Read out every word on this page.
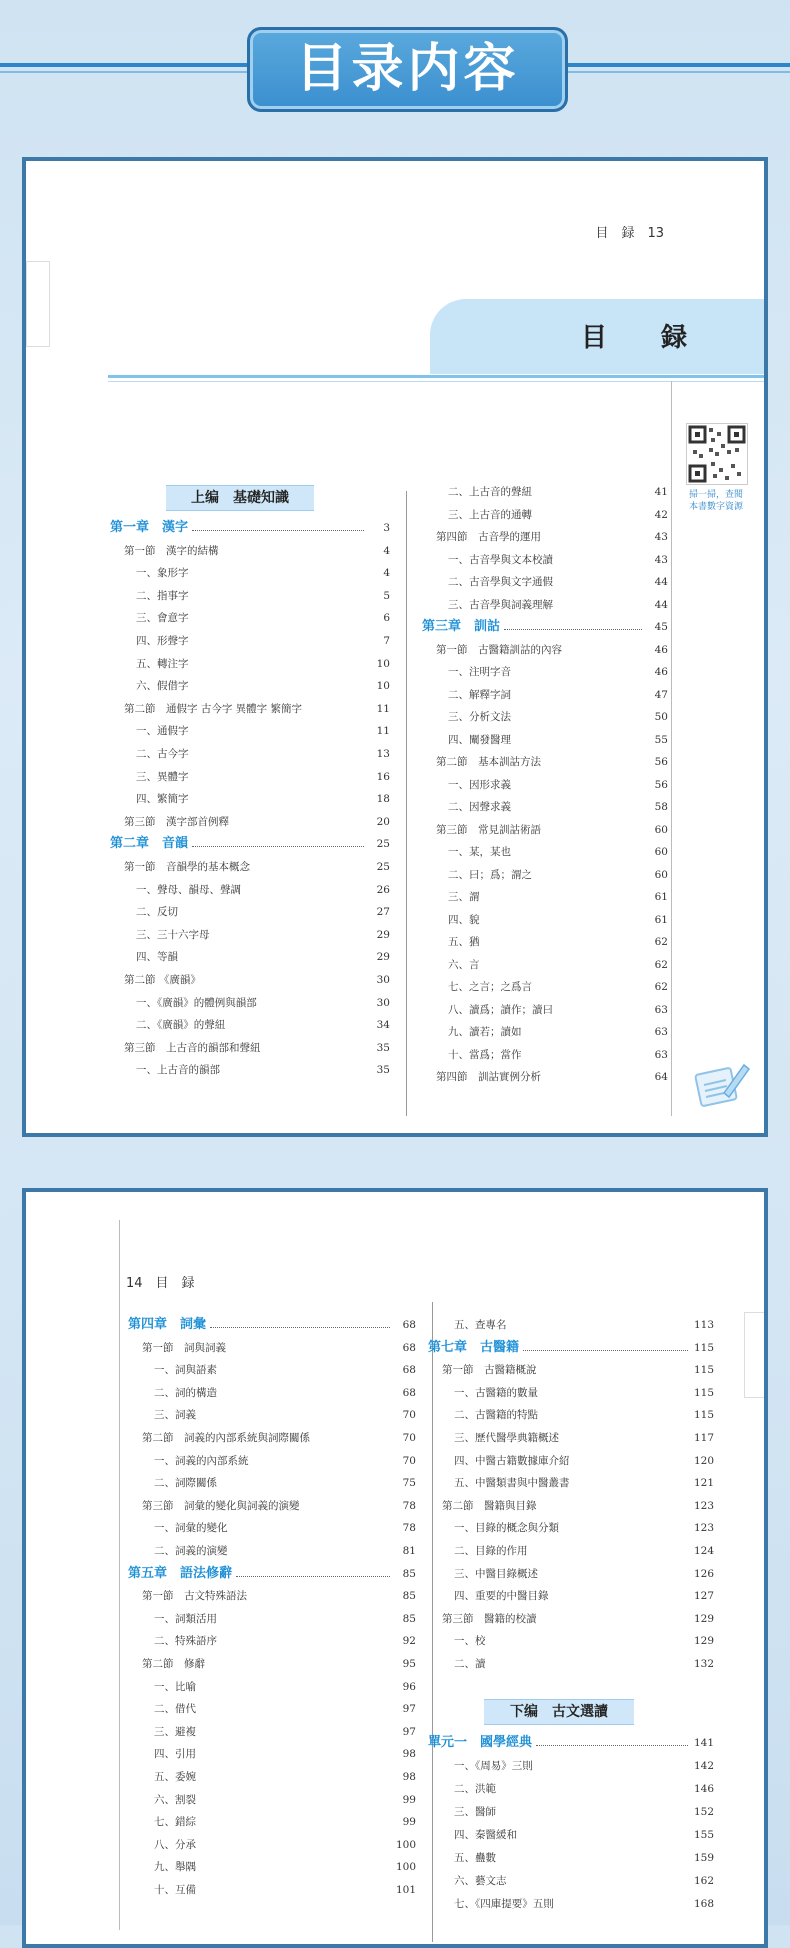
目录内容
目　録　13
目　録
掃一掃，查閱
本書數字資源
上编　基礎知識
第一章　漢字	3
第一節　漢字的結構	4
一、象形字	4
二、指事字	5
三、會意字	6
四、形聲字	7
五、轉注字	10
六、假借字	10
第二節　通假字 古今字 異體字 繁簡字	11
一、通假字	11
二、古今字	13
三、異體字	16
四、繁簡字	18
第三節　漢字部首例釋	20
第二章　音韻	25
第一節　音韻學的基本概念	25
一、聲母、韻母、聲調	26
二、反切	27
三、三十六字母	29
四、等韻	29
第二節 《廣韻》	30
一、《廣韻》的體例與韻部	30
二、《廣韻》的聲紐	34
第三節　上古音的韻部和聲紐	35
一、上古音的韻部	35
二、上古音的聲紐	41
三、上古音的通轉	42
第四節　古音學的運用	43
一、古音學與文本校讀	43
二、古音學與文字通假	44
三、古音學與詞義理解	44
第三章　訓詁	45
第一節　古醫籍訓詁的內容	46
一、注明字音	46
二、解釋字詞	47
三、分析文法	50
四、闡發醫理	55
第二節　基本訓詁方法	56
一、因形求義	56
二、因聲求義	58
第三節　常見訓詁術語	60
一、某，某也	60
二、曰；爲；謂之	60
三、謂	61
四、貌	61
五、猶	62
六、言	62
七、之言；之爲言	62
八、讀爲；讀作；讀曰	63
九、讀若；讀如	63
十、當爲；當作	63
第四節　訓詁實例分析	64
14　目　録
第四章　詞彙	68
第一節　詞與詞義	68
一、詞與語素	68
二、詞的構造	68
三、詞義	70
第二節　詞義的內部系統與詞際關係	70
一、詞義的內部系統	70
二、詞際關係	75
第三節　詞彙的變化與詞義的演變	78
一、詞彙的變化	78
二、詞義的演變	81
第五章　語法修辭	85
第一節　古文特殊語法	85
一、詞類活用	85
二、特殊語序	92
第二節　修辭	95
一、比喻	96
二、借代	97
三、避複	97
四、引用	98
五、委婉	98
六、割裂	99
七、錯綜	99
八、分承	100
九、舉隅	100
十、互備	101
五、查專名	113
第七章　古醫籍	115
第一節　古醫籍概說	115
一、古醫籍的數量	115
二、古醫籍的特點	115
三、歷代醫學典籍概述	117
四、中醫古籍數據庫介紹	120
五、中醫類書與中醫叢書	121
第二節　醫籍與目錄	123
一、目錄的概念與分類	123
二、目錄的作用	124
三、中醫目錄概述	126
四、重要的中醫目錄	127
第三節　醫籍的校讀	129
一、校	129
二、讀	132
下编　古文選讀
單元一　國學經典	141
一、《周易》三則	142
二、洪範	146
三、醫師	152
四、秦醫緩和	155
五、蠱數	159
六、藝文志	162
七、《四庫提要》五則	168
